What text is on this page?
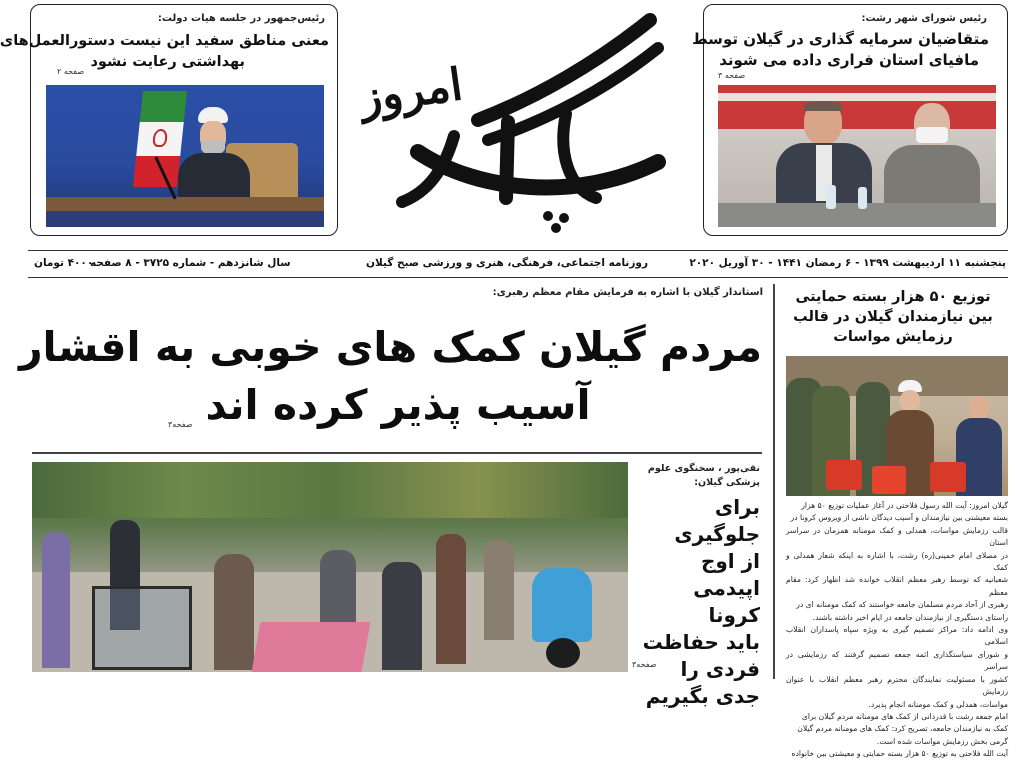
رئیس‌جمهور در جلسه هیات دولت:
معنی مناطق سفید این نیست دستورالعمل‌های
بهداشتی رعایت نشود
صفحه ۲
رئیس شورای شهر رشت:
متقاضیان سرمایه گذاری در گیلان توسط
مافیای استان فراری داده می شوند
صفحه ۳
امروز
پنجشنبه ۱۱ اردیبهشت ۱۳۹۹ - ۶ رمضان ۱۴۴۱ - ۳۰ آوریل ۲۰۲۰
روزنامه اجتماعی، فرهنگی، هنری و ورزشی صبح گیلان
سال شانزدهم - شماره ۳۷۲۵ - ۸ صفحه
۴۰۰۰ تومان
استاندار گیلان با اشاره به فرمایش مقام معظم رهبری:
مردم گیلان کمک های خوبی به اقشار
آسیب پذیر کرده اند
صفحه۳
توزیع ۵۰ هزار بسته حمایتی
بین نیازمندان گیلان در قالب
رزمایش مواسات
گیلان امروز: آیت الله رسول فلاحتی در آغاز عملیات توزیع ۵۰ هزار
بسته معیشتی بین نیازمندان و آسیب دیدگان ناشی از ویروس کرونا در
قالب رزمایش مواسات، همدلی و کمک مومنانه همزمان در سراسر استان
در مصلای امام خمینی(ره) رشت، با اشاره به اینکه شعار همدلی و کمک
شعبانیه که توسط رهبر معظم انقلاب خوانده شد اظهار کرد: مقام معظم
رهبری از آحاد مردم مسلمان جامعه خواستند که کمک مومنانه ای در
راستای دستگیری از نیازمندان جامعه در ایام اخیر داشته باشند.
وی ادامه داد: مراکز تصمیم گیری به ویژه سپاه پاسداران انقلاب اسلامی
و شورای سیاستگذاری ائمه جمعه تصمیم گرفتند که رزمایشی در سراسر
کشور با مسئولیت نمایندگان محترم رهبر معظم انقلاب با عنوان رزمایش
مواسات، همدلی و کمک مومنانه انجام پذیرد.
امام جمعه رشت با قدردانی از کمک های مومنانه مردم گیلان برای
کمک به نیازمندان جامعه، تصریح کرد: کمک های مومنانه مردم گیلان
گرمی بخش رزمایش مواسات شده است.
آیت الله فلاحتی به توزیع ۵۰ هزار بسته حمایتی و معیشتی بین خانواده
نقی‌پور ، سخنگوی علوم
پزشکی گیلان:
برای جلوگیری
از اوج اپیدمی
کرونا
باید حفاظت
فردی را
جدی بگیریم
صفحه۳
